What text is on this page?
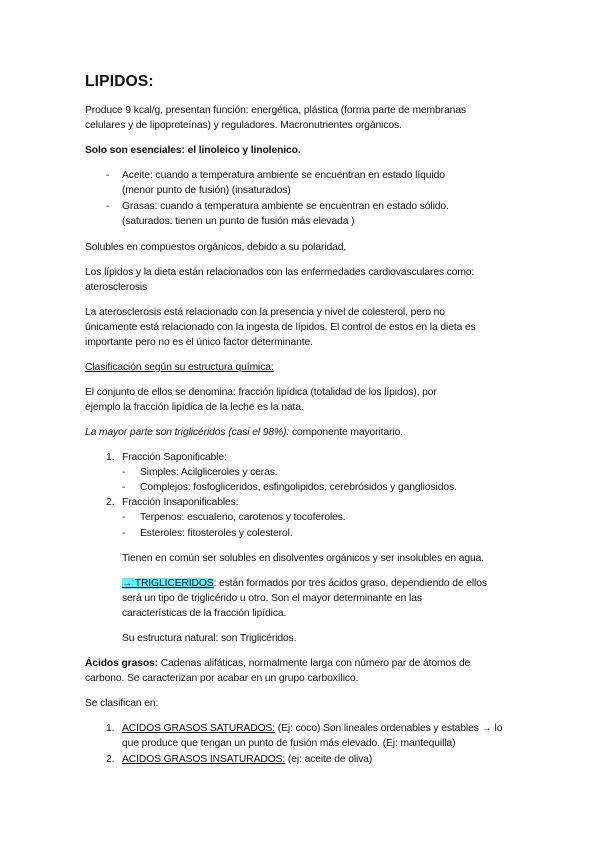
LIPIDOS:
Produce 9 kcal/g, presentan función: energética, plástica (forma parte de membranas
celulares y de lipoproteínas) y reguladores. Macronutrientes orgánicos.
Solo son esenciales: el linoleico y linolenico.
- Aceite: cuando a temperatura ambiente se encuentran en estado líquido
(menor punto de fusión) (insaturados)
- Grasas: cuando a temperatura ambiente se encuentran en estado sólido.
(saturados: tienen un punto de fusión más elevada )
Solubles en compuestos orgánicos, debido a su polaridad,
Los lípidos y la dieta están relacionados con las enfermedades cardiovasculares como:
aterosclerosis
La aterosclerosis está relacionado con la presencia y nivel de colesterol, pero no
únicamente está relacionado con la ingesta de lípidos. El control de estos en la dieta es
importante pero no es el único factor determinante.
Clasificación según su estructura química:
El conjunto de ellos se denomina: fracción lipídica (totalidad de los lípidos), por
ejemplo la fracción lipídica de la leche es la nata.
La mayor parte son triglicéridos (casi el 98%): componente mayoritario.
1. Fracción Saponificable:
- Simples: Acilgliceroles y ceras.
- Complejos: fosfogliceridos, esfingolipidos, cerebrósidos y gangliosidos.
2. Fracción Insaponificables:
- Terpenos: escualeno, carotenos y tocoferoles.
- Esteroles: fitosteroles y colesterol.
Tienen en común ser solubles en disolventes orgánicos y ser insolubles en agua.
→ TRIGLICERIDOS: están formados por tres ácidos graso, dependiendo de ellos
será un tipo de triglicérido u otro. Son el mayor determinante en las
características de la fracción lipídica.
Su estructura natural: son Triglicéridos.
Ácidos grasos: Cadenas alifáticas, normalmente larga con número par de átomos de
carbono. Se caracterizan por acabar en un grupo carboxílico.
Se clasifican en:
1. ACIDOS GRASOS SATURADOS: (Ej: coco) Son lineales ordenables y estables → lo
que produce que tengan un punto de fusión más elevado. (Ej: mantequilla)
2. ACIDOS GRASOS INSATURADOS: (ej: aceite de oliva)
